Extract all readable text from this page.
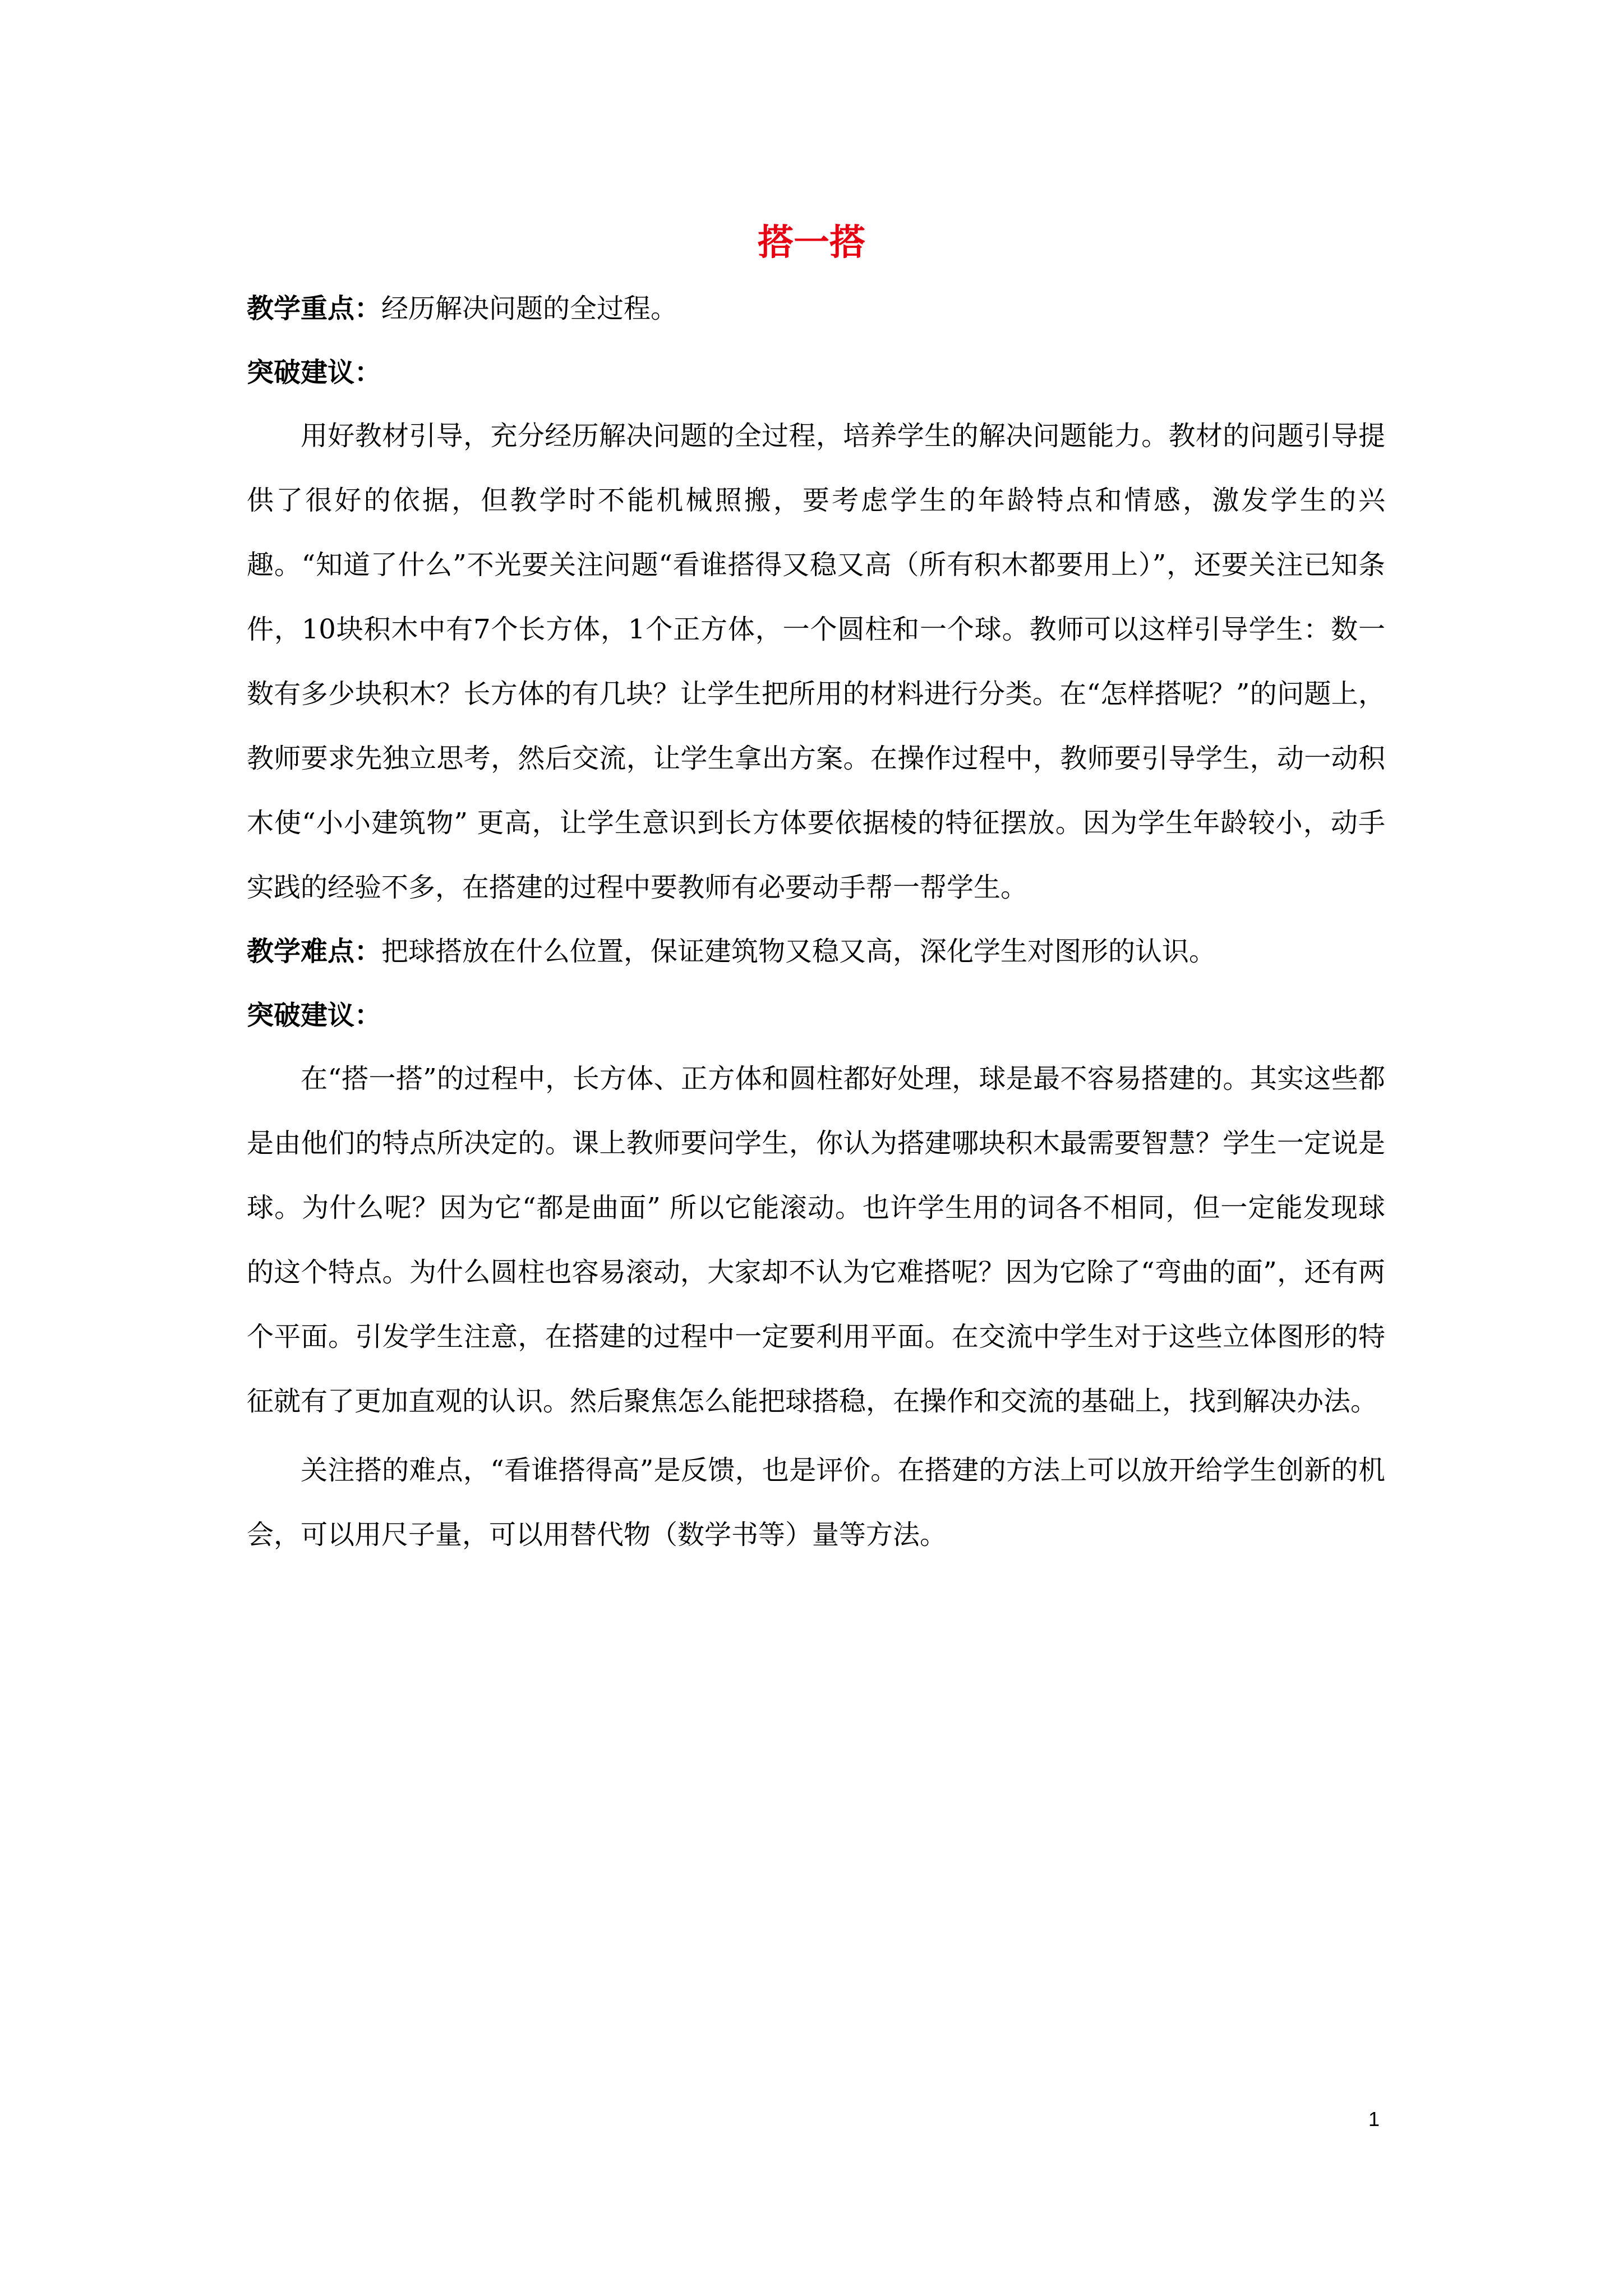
搭一搭
教学重点：经历解决问题的全过程。
突破建议：

用好教材引导，充分经历解决问题的全过程，培养学生的解决问题能力。教材的问题引导提供了很好的依据，但教学时不能机械照搬，要考虑学生的年龄特点和情感，激发学生的兴趣。“知道了什么”不光要关注问题“看谁搭得又稳又高（所有积木都要用上）”，还要关注已知条件，10块积木中有7个长方体，1个正方体，一个圆柱和一个球。教师可以这样引导学生：数一数有多少块积木？长方体的有几块？让学生把所用的材料进行分类。在“怎样搭呢？”的问题上，教师要求先独立思考，然后交流，让学生拿出方案。在操作过程中，教师要引导学生，动一动积木使“小小建筑物” 更高，让学生意识到长方体要依据棱的特征摆放。因为学生年龄较小，动手实践的经验不多，在搭建的过程中要教师有必要动手帮一帮学生。

教学难点：把球搭放在什么位置，保证建筑物又稳又高，深化学生对图形的认识。
突破建议：

在“搭一搭”的过程中，长方体、正方体和圆柱都好处理，球是最不容易搭建的。其实这些都是由他们的特点所决定的。课上教师要问学生，你认为搭建哪块积木最需要智慧？学生一定说是球。为什么呢？因为它“都是曲面” 所以它能滚动。也许学生用的词各不相同，但一定能发现球的这个特点。为什么圆柱也容易滚动，大家却不认为它难搭呢？因为它除了“弯曲的面”，还有两个平面。引发学生注意，在搭建的过程中一定要利用平面。在交流中学生对于这些立体图形的特征就有了更加直观的认识。然后聚焦怎么能把球搭稳，在操作和交流的基础上，找到解决办法。

关注搭的难点，“看谁搭得高”是反馈，也是评价。在搭建的方法上可以放开给学生创新的机会，可以用尺子量，可以用替代物（数学书等）量等方法。

1
